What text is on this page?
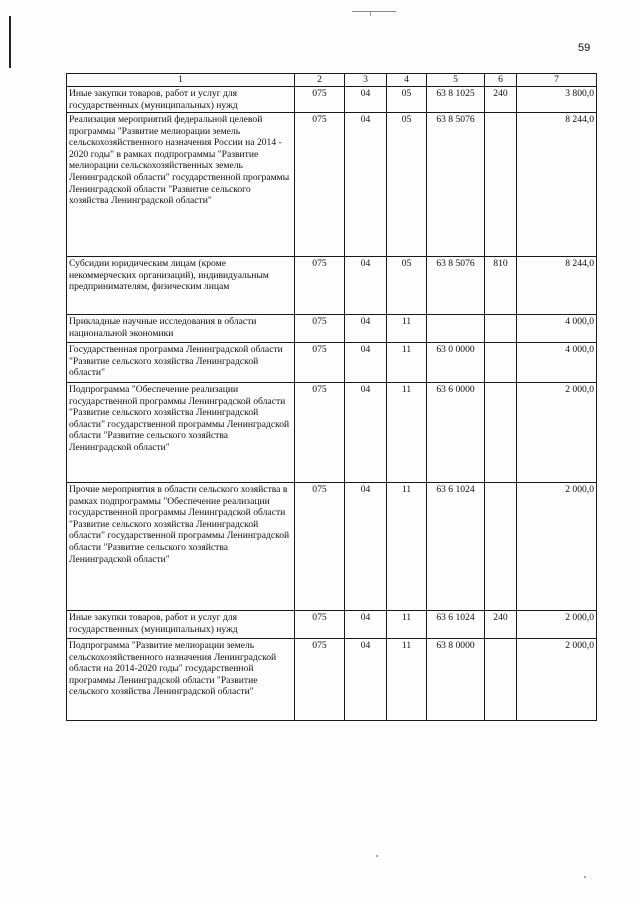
59
1	2	3	4	5	6	7
Иные закупки товаров, работ и услуг для государственных (муниципальных) нужд	075	04	05	63 8 1025	240	3 800,0
Реализация мероприятий федеральной целевой программы "Развитие мелиорации земель сельскохозяйственного назначения России на 2014 - 2020 годы" в рамках подпрограммы "Развитие мелиорации сельскохозяйственных земель Ленинградской области" государственной программы Ленинградской области "Развитие сельского хозяйства Ленинградской области"	075	04	05	63 8 5076		8 244,0
Субсидии юридическим лицам (кроме некоммерческих организаций), индивидуальным предпринимателям, физическим лицам	075	04	05	63 8 5076	810	8 244,0
Прикладные научные исследования в области национальной экономики	075	04	11			4 000,0
Государственная программа Ленинградской области "Развитие сельского хозяйства Ленинградской области"	075	04	11	63 0 0000		4 000,0
Подпрограмма "Обеспечение реализации государственной программы Ленинградской области "Развитие сельского хозяйства Ленинградской области" государственной программы Ленинградской области "Развитие сельского хозяйства Ленинградской области"	075	04	11	63 6 0000		2 000,0
Прочие мероприятия в области сельского хозяйства в рамках подпрограммы "Обеспечение реализации государственной программы Ленинградской области "Развитие сельского хозяйства Ленинградской области" государственной программы Ленинградской области "Развитие сельского хозяйства Ленинградской области"	075	04	11	63 6 1024		2 000,0
Иные закупки товаров, работ и услуг для государственных (муниципальных) нужд	075	04	11	63 6 1024	240	2 000,0
Подпрограмма "Развитие мелиорации земель сельскохозяйственного назначения Ленинградской области на 2014-2020 годы" государственной программы Ленинградской области "Развитие сельского хозяйства Ленинградской области"	075	04	11	63 8 0000		2 000,0
